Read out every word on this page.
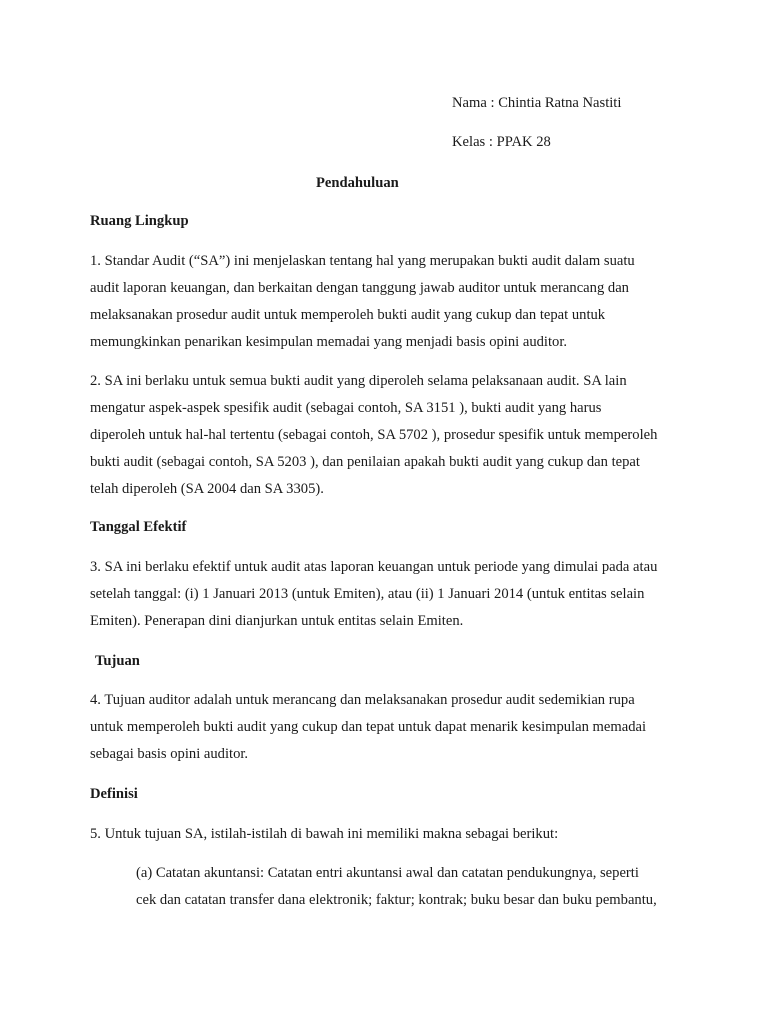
Nama : Chintia Ratna Nastiti
Kelas : PPAK 28
Pendahuluan
Ruang Lingkup
1. Standar Audit (“SA”) ini menjelaskan tentang hal yang merupakan bukti audit dalam suatu
audit laporan keuangan, dan berkaitan dengan tanggung jawab auditor untuk merancang dan
melaksanakan prosedur audit untuk memperoleh bukti audit yang cukup dan tepat untuk
memungkinkan penarikan kesimpulan memadai yang menjadi basis opini auditor.
2. SA ini berlaku untuk semua bukti audit yang diperoleh selama pelaksanaan audit. SA lain
mengatur aspek-aspek spesifik audit (sebagai contoh, SA 3151 ), bukti audit yang harus
diperoleh untuk hal-hal tertentu (sebagai contoh, SA 5702 ), prosedur spesifik untuk memperoleh
bukti audit (sebagai contoh, SA 5203 ), dan penilaian apakah bukti audit yang cukup dan tepat
telah diperoleh (SA 2004 dan SA 3305).
Tanggal Efektif
3. SA ini berlaku efektif untuk audit atas laporan keuangan untuk periode yang dimulai pada atau
setelah tanggal: (i) 1 Januari 2013 (untuk Emiten), atau (ii) 1 Januari 2014 (untuk entitas selain
Emiten). Penerapan dini dianjurkan untuk entitas selain Emiten.
Tujuan
4. Tujuan auditor adalah untuk merancang dan melaksanakan prosedur audit sedemikian rupa
untuk memperoleh bukti audit yang cukup dan tepat untuk dapat menarik kesimpulan memadai
sebagai basis opini auditor.
Definisi
5. Untuk tujuan SA, istilah-istilah di bawah ini memiliki makna sebagai berikut:
(a) Catatan akuntansi: Catatan entri akuntansi awal dan catatan pendukungnya, seperti
cek dan catatan transfer dana elektronik; faktur; kontrak; buku besar dan buku pembantu,
